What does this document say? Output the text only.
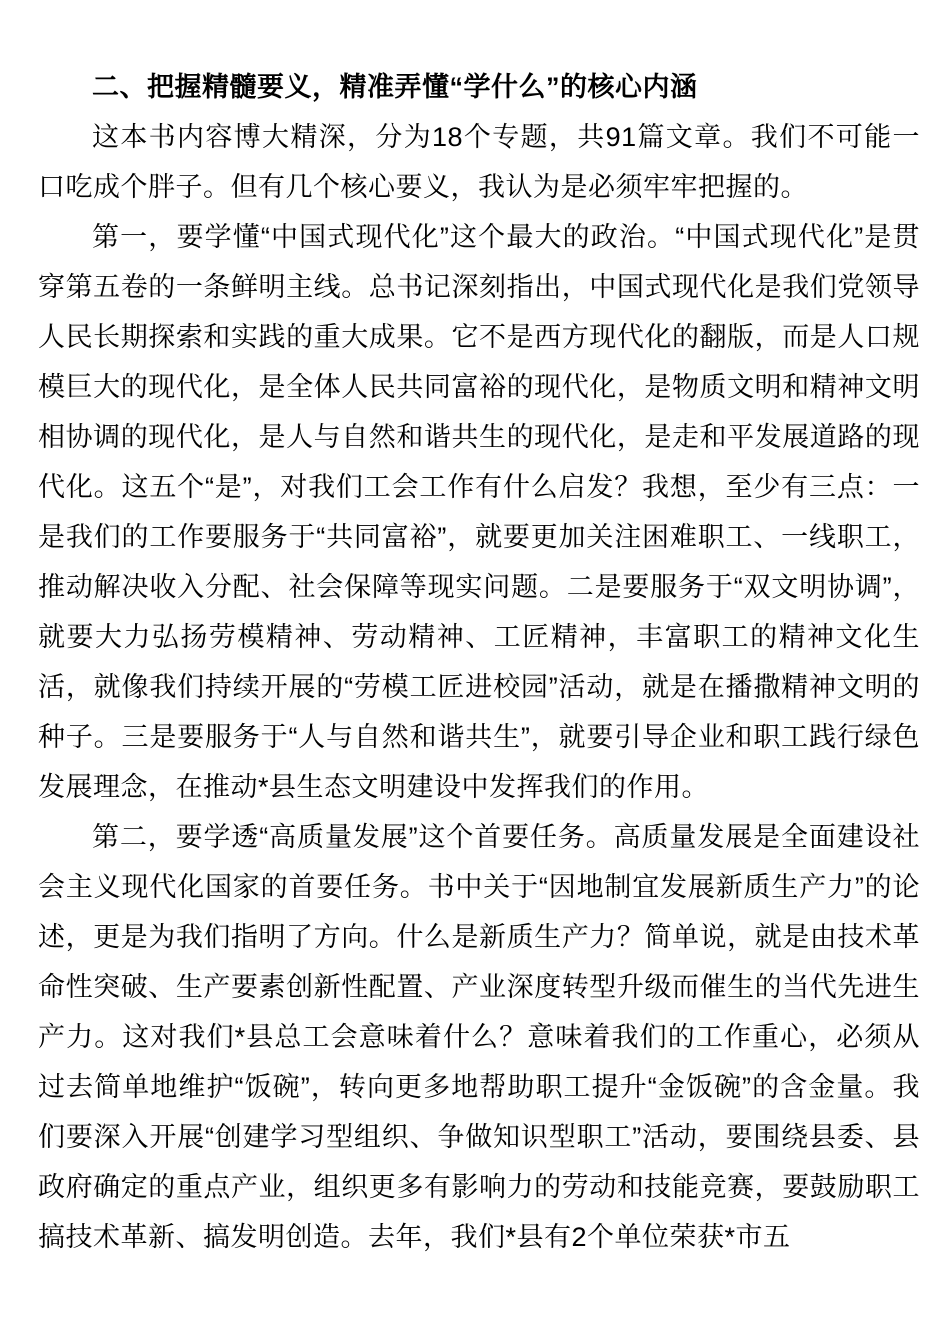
二、把握精髓要义，精准弄懂“学什么”的核心内涵

这本书内容博大精深，分为18个专题，共91篇文章。我们不可能一口吃成个胖子。但有几个核心要义，我认为是必须牢牢把握的。

第一，要学懂“中国式现代化”这个最大的政治。“中国式现代化”是贯穿第五卷的一条鲜明主线。总书记深刻指出，中国式现代化是我们党领导人民长期探索和实践的重大成果。它不是西方现代化的翻版，而是人口规模巨大的现代化，是全体人民共同富裕的现代化，是物质文明和精神文明相协调的现代化，是人与自然和谐共生的现代化，是走和平发展道路的现代化。这五个“是”，对我们工会工作有什么启发？我想，至少有三点：一是我们的工作要服务于“共同富裕”，就要更加关注困难职工、一线职工，推动解决收入分配、社会保障等现实问题。二是要服务于“双文明协调”，就要大力弘扬劳模精神、劳动精神、工匠精神，丰富职工的精神文化生活，就像我们持续开展的“劳模工匠进校园”活动，就是在播撒精神文明的种子。三是要服务于“人与自然和谐共生”，就要引导企业和职工践行绿色发展理念，在推动*县生态文明建设中发挥我们的作用。

第二，要学透“高质量发展”这个首要任务。高质量发展是全面建设社会主义现代化国家的首要任务。书中关于“因地制宜发展新质生产力”的论述，更是为我们指明了方向。什么是新质生产力？简单说，就是由技术革命性突破、生产要素创新性配置、产业深度转型升级而催生的当代先进生产力。这对我们*县总工会意味着什么？意味着我们的工作重心，必须从过去简单地维护“饭碗”，转向更多地帮助职工提升“金饭碗”的含金量。我们要深入开展“创建学习型组织、争做知识型职工”活动，要围绕县委、县政府确定的重点产业，组织更多有影响力的劳动和技能竞赛，要鼓励职工搞技术革新、搞发明创造。去年，我们*县有2个单位荣获*市五
